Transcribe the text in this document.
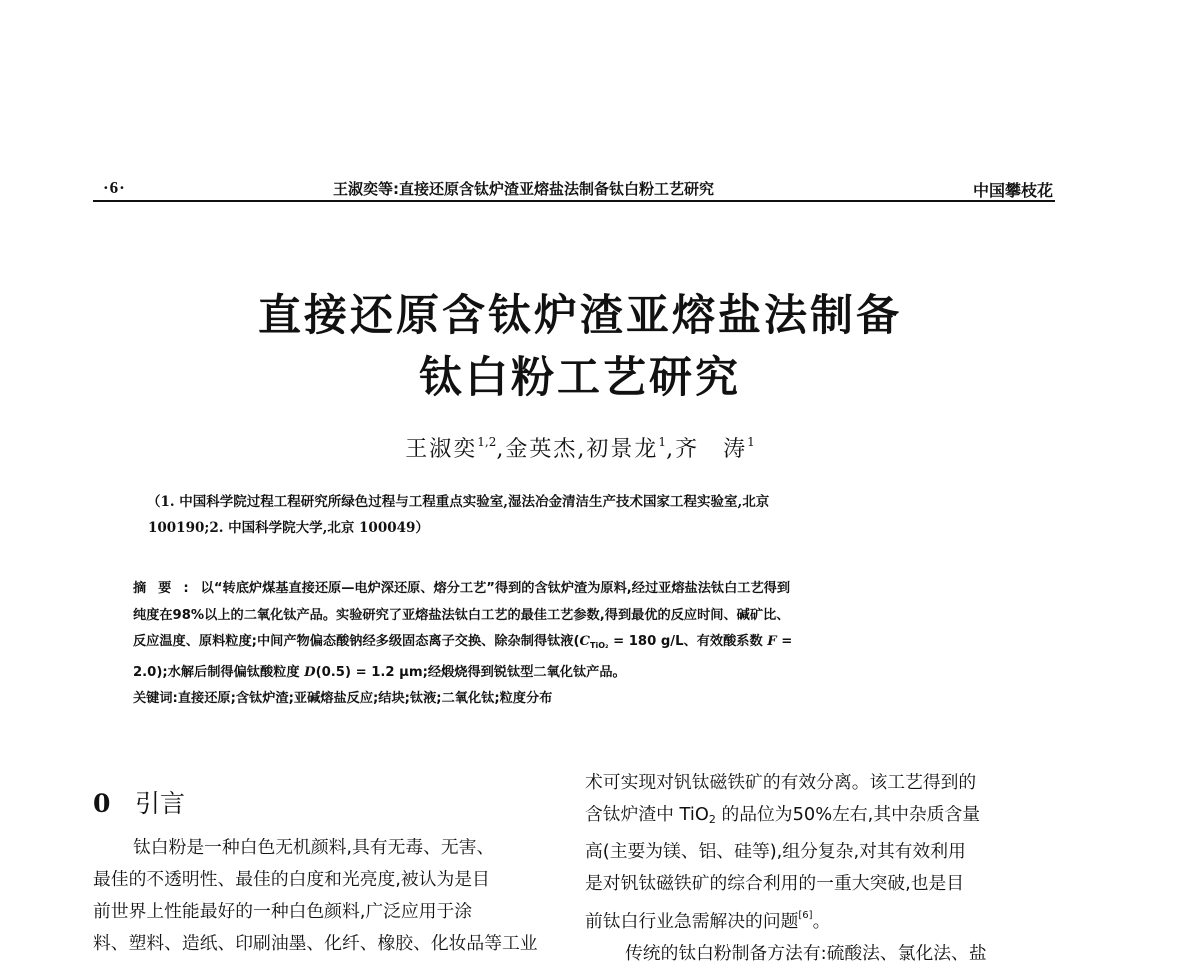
·6·	王淑奕等:直接还原含钛炉渣亚熔盐法制备钛白粉工艺研究	中国攀枝花
直接还原含钛炉渣亚熔盐法制备
钛白粉工艺研究
王淑奕$^{1,2}$,金英杰,初景龙$^1$,齐　涛$^1$
（1. 中国科学院过程工程研究所绿色过程与工程重点实验室,湿法冶金清洁生产技术国家工程实验室,北京
100190;2. 中国科学院大学,北京 100049）
摘要:以“转底炉煤基直接还原—电炉深还原、熔分工艺”得到的含钛炉渣为原料,经过亚熔盐法钛白工艺得到
纯度在98%以上的二氧化钛产品。实验研究了亚熔盐法钛白工艺的最佳工艺参数,得到最优的反应时间、碱矿比、
反应温度、原料粒度;中间产物偏态酸钠经多级固态离子交换、除杂制得钛液($C_{TiO_2} = 180$ g/L、有效酸系数 F =
2.0);水解后制得偏钛酸粒度 D(0.5) = 1.2 μm;经煅烧得到锐钛型二氧化钛产品。
关键词:直接还原;含钛炉渣;亚碱熔盐反应;结块;钛液;二氧化钛;粒度分布
0 引言
钛白粉是一种白色无机颜料,具有无毒、无害、
最佳的不透明性、最佳的白度和光亮度,被认为是目
前世界上性能最好的一种白色颜料,广泛应用于涂
料、塑料、造纸、印刷油墨、化纤、橡胶、化妆品等工业
术可实现对钒钛磁铁矿的有效分离。该工艺得到的
含钛炉渣中 TiO2 的品位为50%左右,其中杂质含量
高(主要为镁、铝、硅等),组分复杂,对其有效利用
是对钒钛磁铁矿的综合利用的一重大突破,也是目
前钛白行业急需解决的问题[6]。
传统的钛白粉制备方法有:硫酸法、氯化法、盐
